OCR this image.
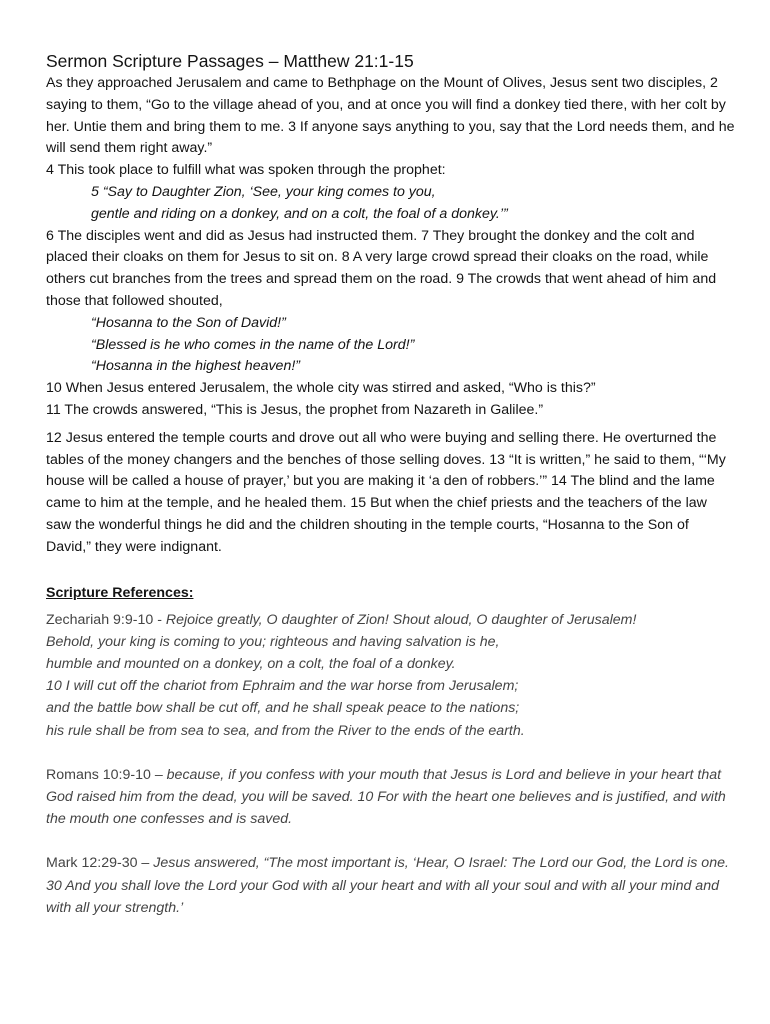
Sermon Scripture Passages – Matthew 21:1-15

As they approached Jerusalem and came to Bethphage on the Mount of Olives, Jesus sent two disciples, 2 saying to them, “Go to the village ahead of you, and at once you will find a donkey tied there, with her colt by her. Untie them and bring them to me. 3 If anyone says anything to you, say that the Lord needs them, and he will send them right away.”

4 This took place to fulfill what was spoken through the prophet:

5 “Say to Daughter Zion, ‘See, your king comes to you,
gentle and riding on a donkey, and on a colt, the foal of a donkey.’”

6 The disciples went and did as Jesus had instructed them. 7 They brought the donkey and the colt and placed their cloaks on them for Jesus to sit on. 8 A very large crowd spread their cloaks on the road, while others cut branches from the trees and spread them on the road. 9 The crowds that went ahead of him and those that followed shouted,

“Hosanna to the Son of David!”
“Blessed is he who comes in the name of the Lord!”
“Hosanna in the highest heaven!”

10 When Jesus entered Jerusalem, the whole city was stirred and asked, “Who is this?”

11 The crowds answered, “This is Jesus, the prophet from Nazareth in Galilee.”

12 Jesus entered the temple courts and drove out all who were buying and selling there. He overturned the tables of the money changers and the benches of those selling doves. 13 “It is written,” he said to them, “‘My house will be called a house of prayer,’ but you are making it ‘a den of robbers.’” 14 The blind and the lame came to him at the temple, and he healed them. 15 But when the chief priests and the teachers of the law saw the wonderful things he did and the children shouting in the temple courts, “Hosanna to the Son of David,” they were indignant.

Scripture References:
Zechariah 9:9-10 - Rejoice greatly, O daughter of Zion! Shout aloud, O daughter of Jerusalem!
Behold, your king is coming to you; righteous and having salvation is he,
humble and mounted on a donkey, on a colt, the foal of a donkey.
10 I will cut off the chariot from Ephraim and the war horse from Jerusalem;
and the battle bow shall be cut off, and he shall speak peace to the nations;
his rule shall be from sea to sea, and from the River to the ends of the earth.
Romans 10:9-10 – because, if you confess with your mouth that Jesus is Lord and believe in your heart that God raised him from the dead, you will be saved. 10 For with the heart one believes and is justified, and with the mouth one confesses and is saved.
Mark 12:29-30 – Jesus answered, “The most important is, ‘Hear, O Israel: The Lord our God, the Lord is one. 30 And you shall love the Lord your God with all your heart and with all your soul and with all your mind and with all your strength.’
